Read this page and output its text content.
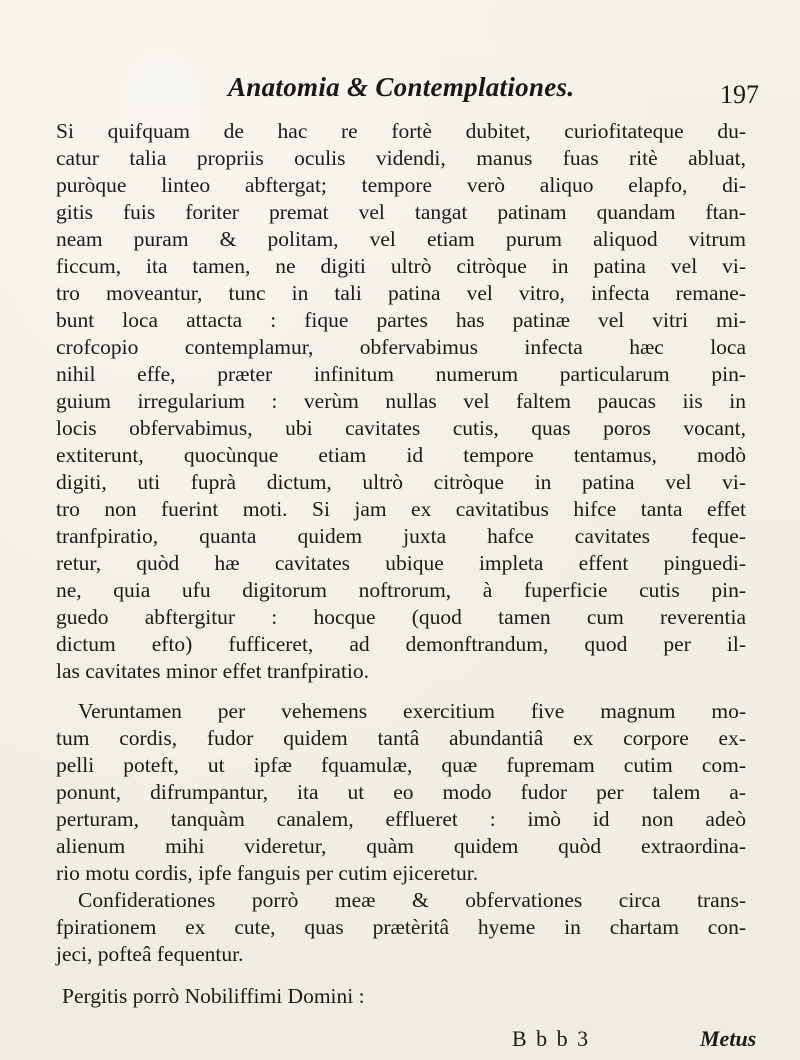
Anatomia & Contemplationes.	197
Si quifquam de hac re fortè dubitet, curiofitateque du-
catur talia propriis oculis videndi, manus fuas ritè abluat,
puròque linteo abftergat; tempore verò aliquo elapfo, di-
gitis fuis foriter premat vel tangat patinam quandam ftan-
neam puram & politam, vel etiam purum aliquod vitrum
ficcum, ita tamen, ne digiti ultrò citròque in patina vel vi-
tro moveantur, tunc in tali patina vel vitro, infecta remane-
bunt loca attacta : fique partes has patinæ vel vitri mi-
crofcopio contemplamur, obfervabimus infecta hæc loca
nihil effe, præter infinitum numerum particularum pin-
guium irregularium : verùm nullas vel faltem paucas iis in
locis obfervabimus, ubi cavitates cutis, quas poros vocant,
extiterunt, quocùnque etiam id tempore tentamus, modò
digiti, uti fuprà dictum, ultrò citròque in patina vel vi-
tro non fuerint moti. Si jam ex cavitatibus hifce tanta effet
tranfpiratio, quanta quidem juxta hafce cavitates feque-
retur, quòd hæ cavitates ubique impleta effent pinguedi-
ne, quia ufu digitorum noftrorum, à fuperficie cutis pin-
guedo abftergitur : hocque (quod tamen cum reverentia
dictum efto) fufficeret, ad demonftrandum, quod per il-
las cavitates minor effet tranfpiratio.
Veruntamen per vehemens exercitium five magnum mo-
tum cordis, fudor quidem tantâ abundantiâ ex corpore ex-
pelli poteft, ut ipfæ fquamulæ, quæ fupremam cutim com-
ponunt, difrumpantur, ita ut eo modo fudor per talem a-
perturam, tanquàm canalem, efflueret : imò id non adeò
alienum mihi videretur, quàm quidem quòd extraordina-
rio motu cordis, ipfe fanguis per cutim ejiceretur.
Confiderationes porrò meæ & obfervationes circa trans-
fpirationem ex cute, quas prætèritâ hyeme in chartam con-
jeci, pofteâ fequentur.
Pergitis porrò Nobiliffimi Domini :
B b b 3	Metus
